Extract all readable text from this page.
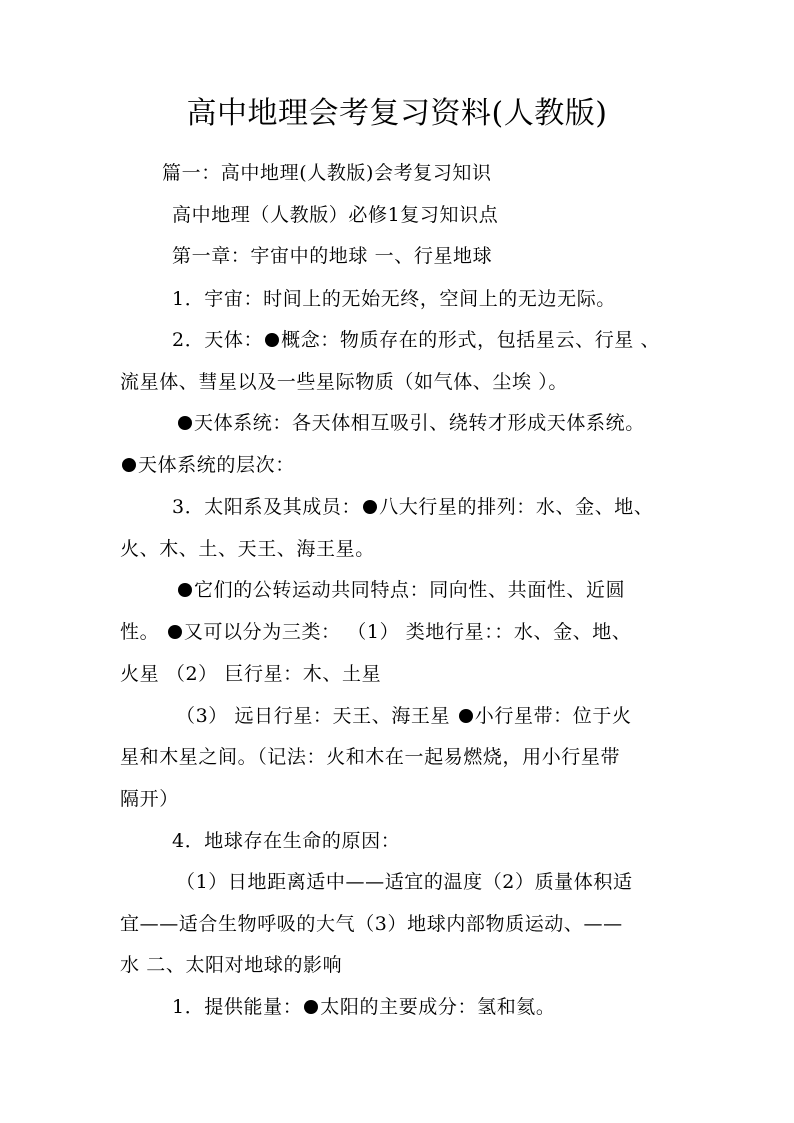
高中地理会考复习资料(人教版)
篇一：高中地理(人教版)会考复习知识
高中地理（人教版）必修1复习知识点
第一章：宇宙中的地球 一、行星地球
1．宇宙：时间上的无始无终，空间上的无边无际。
2．天体： 概念：物质存在的形式，包括星云、行星 、
流星体、彗星以及一些星际物质（如气体、尘埃 ）。
天体系统：各天体相互吸引、绕转才形成天体系统。
天体系统的层次：
3．太阳系及其成员： 八大行星的排列：水、金、地、
火、木、土、天王、海王星。
它们的公转运动共同特点：同向性、共面性、近圆
性。 又可以分为三类： （1） 类地行星：：水、金、地、
火星 （2） 巨行星：木、土星
（3） 远日行星：天王、海王星 小行星带：位于火
星和木星之间。（记法：火和木在一起易燃烧，用小行星带
隔开）
4．地球存在生命的原因：
（1）日地距离适中——适宜的温度（2）质量体积适
宜——适合生物呼吸的大气（3）地球内部物质运动、——
水 二、太阳对地球的影响
1．提供能量： 太阳的主要成分：氢和氦。
